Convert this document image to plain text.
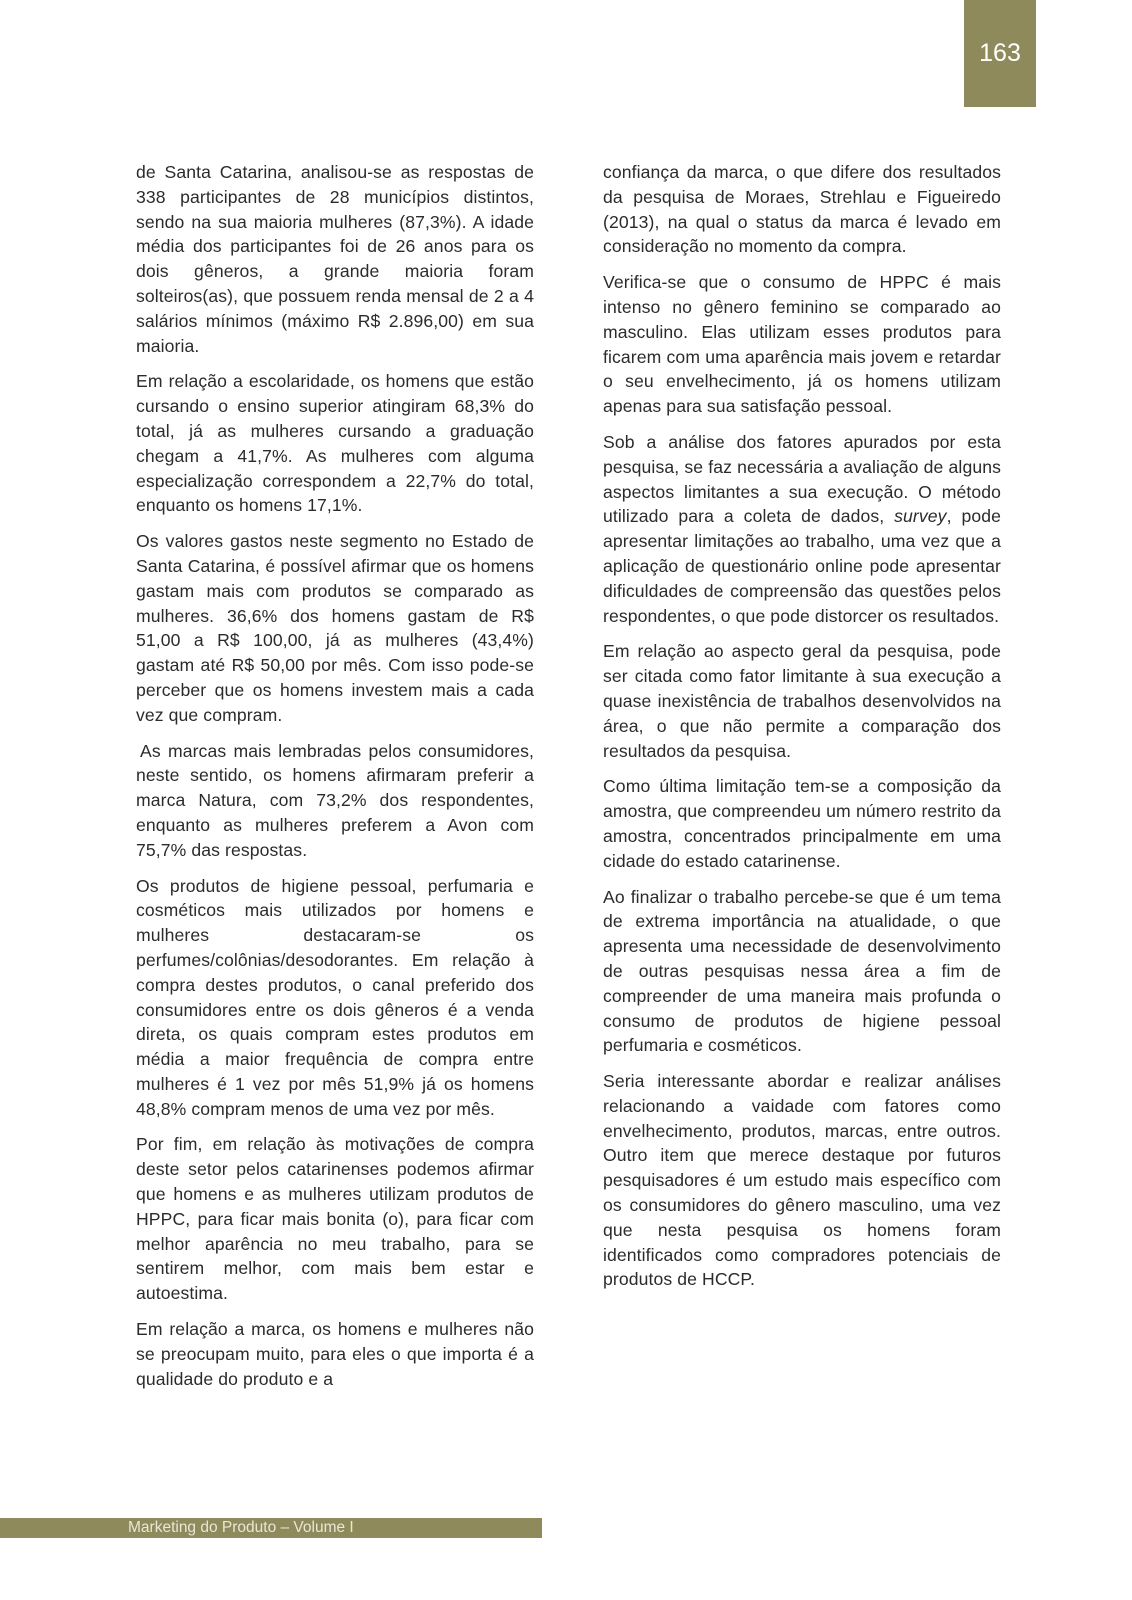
163

de Santa Catarina, analisou-se as respostas de 338 participantes de 28 municípios distintos, sendo na sua maioria mulheres (87,3%). A idade média dos participantes foi de 26 anos para os dois gêneros, a grande maioria foram solteiros(as), que possuem renda mensal de 2 a 4 salários mínimos (máximo R$ 2.896,00) em sua maioria.

Em relação a escolaridade, os homens que estão cursando o ensino superior atingiram 68,3% do total, já as mulheres cursando a graduação chegam a 41,7%. As mulheres com alguma especialização correspondem a 22,7% do total, enquanto os homens 17,1%.

Os valores gastos neste segmento no Estado de Santa Catarina, é possível afirmar que os homens gastam mais com produtos se comparado as mulheres. 36,6% dos homens gastam de R$ 51,00 a R$ 100,00, já as mulheres (43,4%) gastam até R$ 50,00 por mês. Com isso pode-se perceber que os homens investem mais a cada vez que compram.

As marcas mais lembradas pelos consumidores, neste sentido, os homens afirmaram preferir a marca Natura, com 73,2% dos respondentes, enquanto as mulheres preferem a Avon com 75,7% das respostas.

Os produtos de higiene pessoal, perfumaria e cosméticos mais utilizados por homens e mulheres destacaram-se os perfumes/colônias/desodorantes. Em relação à compra destes produtos, o canal preferido dos consumidores entre os dois gêneros é a venda direta, os quais compram estes produtos em média a maior frequência de compra entre mulheres é 1 vez por mês 51,9% já os homens 48,8% compram menos de uma vez por mês.

Por fim, em relação às motivações de compra deste setor pelos catarinenses podemos afirmar que homens e as mulheres utilizam produtos de HPPC, para ficar mais bonita (o), para ficar com melhor aparência no meu trabalho, para se sentirem melhor, com mais bem estar e autoestima.

Em relação a marca, os homens e mulheres não se preocupam muito, para eles o que importa é a qualidade do produto e a

confiança da marca, o que difere dos resultados da pesquisa de Moraes, Strehlau e Figueiredo (2013), na qual o status da marca é levado em consideração no momento da compra.

Verifica-se que o consumo de HPPC é mais intenso no gênero feminino se comparado ao masculino. Elas utilizam esses produtos para ficarem com uma aparência mais jovem e retardar o seu envelhecimento, já os homens utilizam apenas para sua satisfação pessoal.

Sob a análise dos fatores apurados por esta pesquisa, se faz necessária a avaliação de alguns aspectos limitantes a sua execução. O método utilizado para a coleta de dados, survey, pode apresentar limitações ao trabalho, uma vez que a aplicação de questionário online pode apresentar dificuldades de compreensão das questões pelos respondentes, o que pode distorcer os resultados.

Em relação ao aspecto geral da pesquisa, pode ser citada como fator limitante à sua execução a quase inexistência de trabalhos desenvolvidos na área, o que não permite a comparação dos resultados da pesquisa.

Como última limitação tem-se a composição da amostra, que compreendeu um número restrito da amostra, concentrados principalmente em uma cidade do estado catarinense.

Ao finalizar o trabalho percebe-se que é um tema de extrema importância na atualidade, o que apresenta uma necessidade de desenvolvimento de outras pesquisas nessa área a fim de compreender de uma maneira mais profunda o consumo de produtos de higiene pessoal perfumaria e cosméticos.

Seria interessante abordar e realizar análises relacionando a vaidade com fatores como envelhecimento, produtos, marcas, entre outros. Outro item que merece destaque por futuros pesquisadores é um estudo mais específico com os consumidores do gênero masculino, uma vez que nesta pesquisa os homens foram identificados como compradores potenciais de produtos de HCCP.

Marketing do Produto – Volume I
